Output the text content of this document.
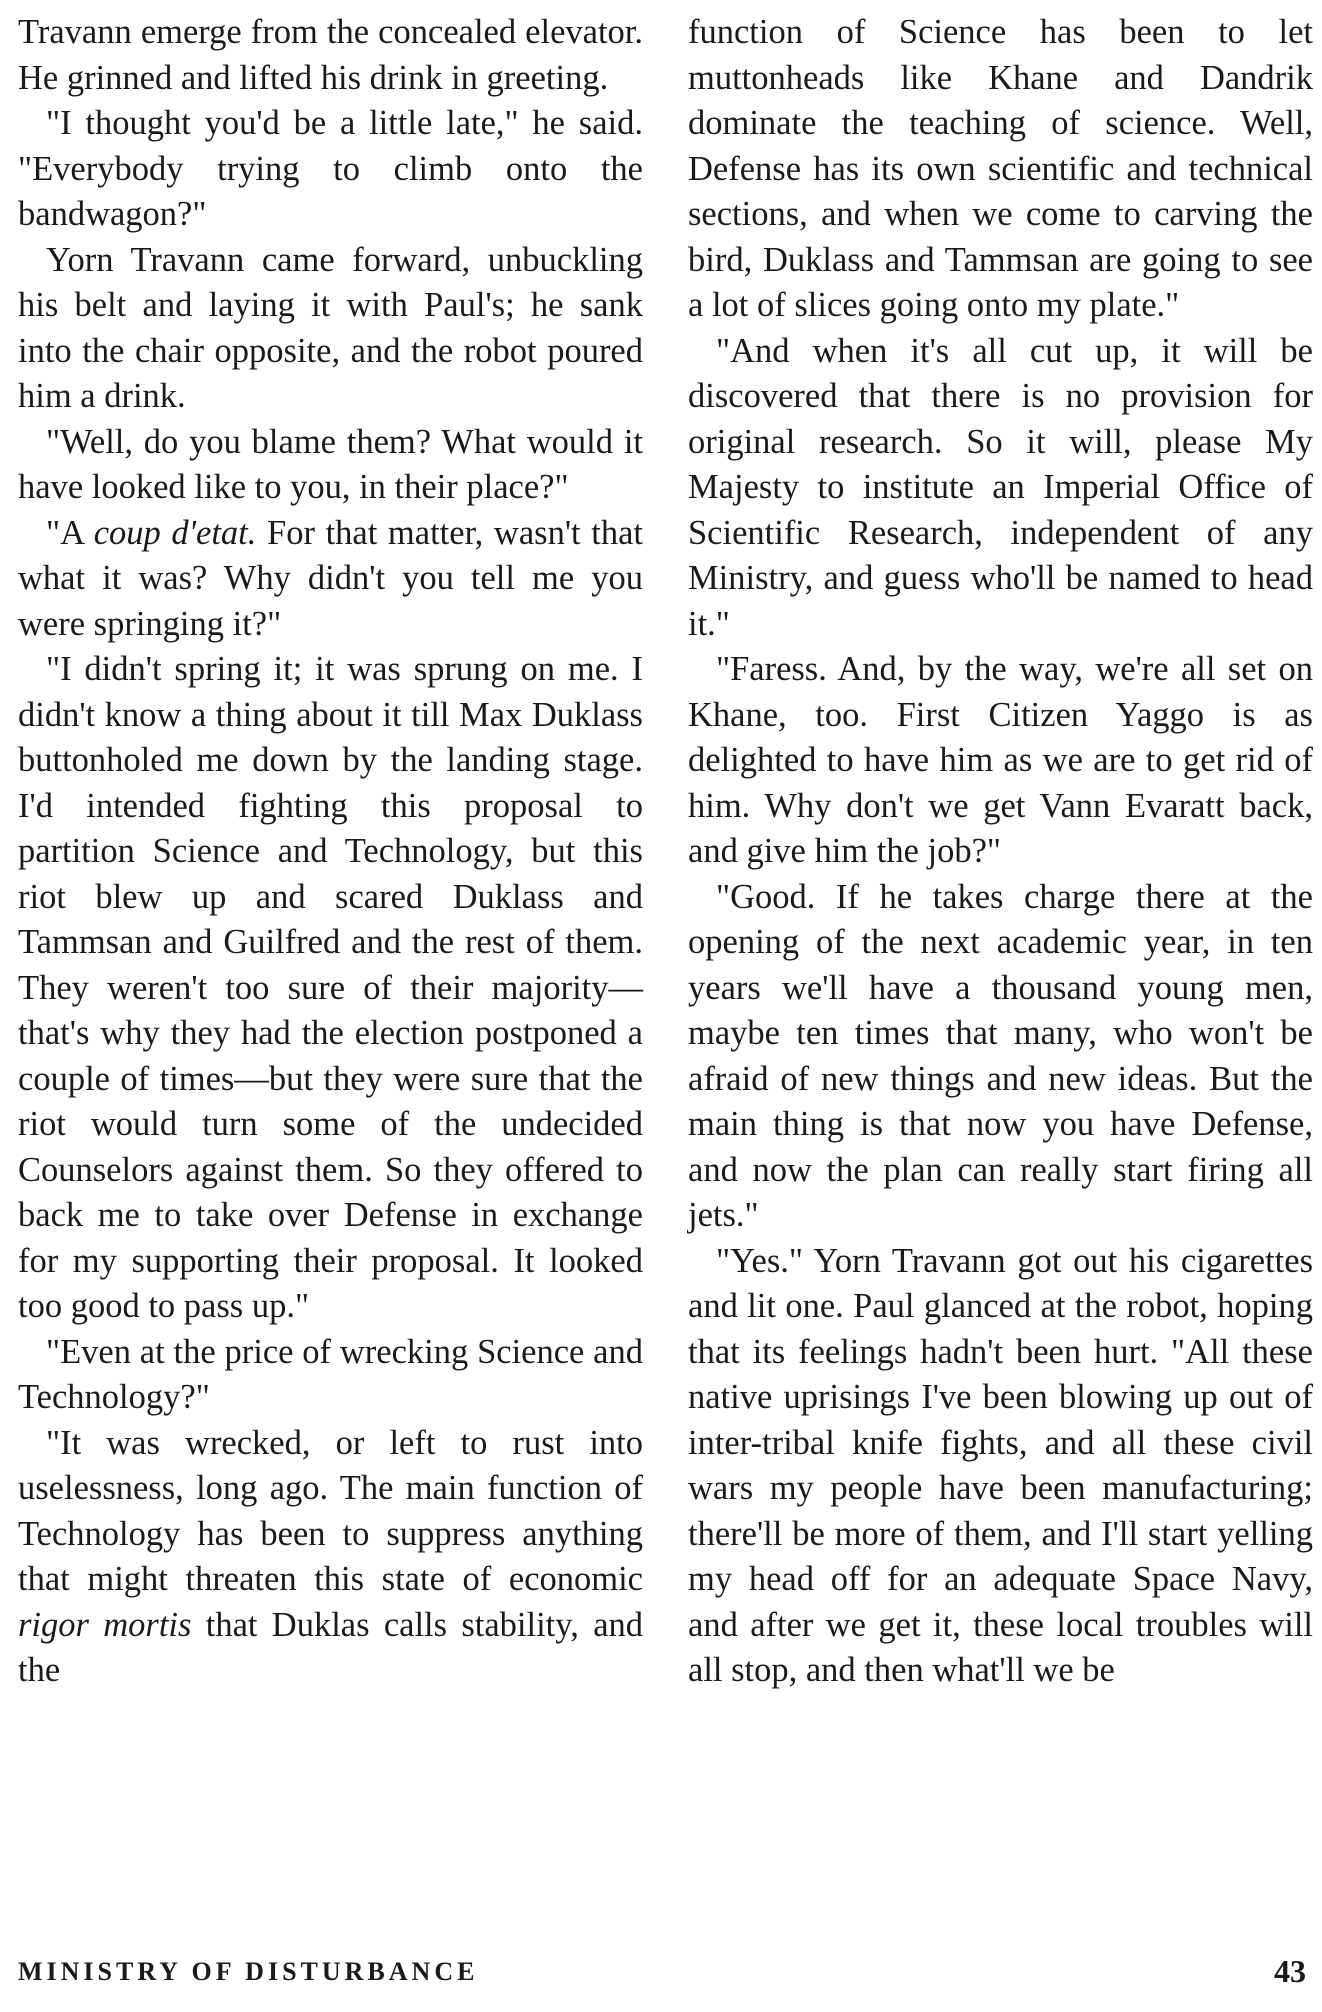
Travann emerge from the concealed elevator. He grinned and lifted his drink in greeting.

"I thought you'd be a little late," he said. "Everybody trying to climb onto the bandwagon?"

Yorn Travann came forward, unbuckling his belt and laying it with Paul's; he sank into the chair opposite, and the robot poured him a drink.

"Well, do you blame them? What would it have looked like to you, in their place?"

"A coup d'etat. For that matter, wasn't that what it was? Why didn't you tell me you were springing it?"

"I didn't spring it; it was sprung on me. I didn't know a thing about it till Max Duklass buttonholed me down by the landing stage. I'd intended fighting this proposal to partition Science and Technology, but this riot blew up and scared Duklass and Tammsan and Guilfred and the rest of them. They weren't too sure of their majority—that's why they had the election postponed a couple of times—but they were sure that the riot would turn some of the undecided Counselors against them. So they offered to back me to take over Defense in exchange for my supporting their proposal. It looked too good to pass up."

"Even at the price of wrecking Science and Technology?"

"It was wrecked, or left to rust into uselessness, long ago. The main function of Technology has been to suppress anything that might threaten this state of economic rigor mortis that Duklas calls stability, and the

function of Science has been to let muttonheads like Khane and Dandrik dominate the teaching of science. Well, Defense has its own scientific and technical sections, and when we come to carving the bird, Duklass and Tammsan are going to see a lot of slices going onto my plate."

"And when it's all cut up, it will be discovered that there is no provision for original research. So it will, please My Majesty to institute an Imperial Office of Scientific Research, independent of any Ministry, and guess who'll be named to head it."

"Faress. And, by the way, we're all set on Khane, too. First Citizen Yaggo is as delighted to have him as we are to get rid of him. Why don't we get Vann Evaratt back, and give him the job?"

"Good. If he takes charge there at the opening of the next academic year, in ten years we'll have a thousand young men, maybe ten times that many, who won't be afraid of new things and new ideas. But the main thing is that now you have Defense, and now the plan can really start firing all jets."

"Yes." Yorn Travann got out his cigarettes and lit one. Paul glanced at the robot, hoping that its feelings hadn't been hurt. "All these native uprisings I've been blowing up out of inter-tribal knife fights, and all these civil wars my people have been manufacturing; there'll be more of them, and I'll start yelling my head off for an adequate Space Navy, and after we get it, these local troubles will all stop, and then what'll we be

MINISTRY OF DISTURBANCE	43
